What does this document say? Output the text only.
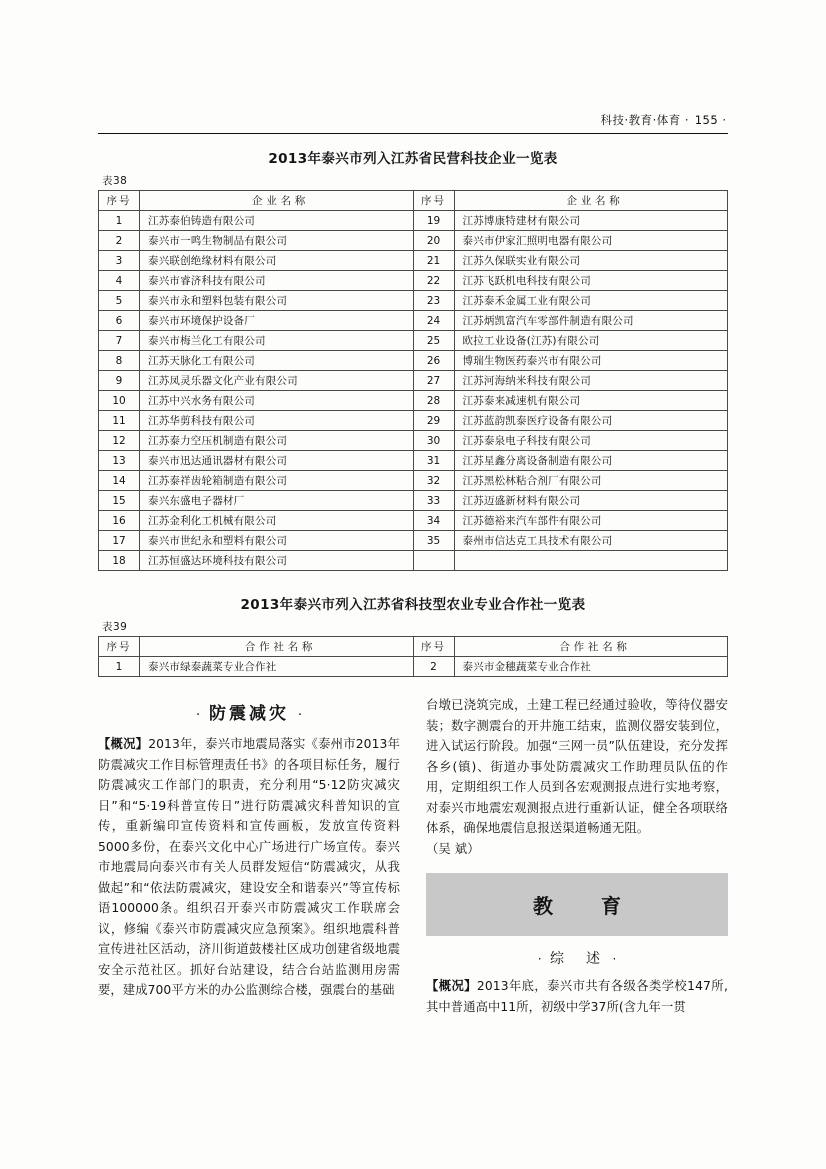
科技·教育·体育 · 155 ·
2013年泰兴市列入江苏省民营科技企业一览表
表38
序号	企 业 名 称	序号	企 业 名 称
1	江苏泰伯铸造有限公司	19	江苏博康特建材有限公司
2	泰兴市一鸣生物制品有限公司	20	泰兴市伊家汇照明电器有限公司
3	泰兴联创绝缘材料有限公司	21	江苏久保联实业有限公司
4	泰兴市睿济科技有限公司	22	江苏飞跃机电科技有限公司
5	泰兴市永和塑料包装有限公司	23	江苏泰禾金属工业有限公司
6	泰兴市环境保护设备厂	24	江苏炳凯富汽车零部件制造有限公司
7	泰兴市梅兰化工有限公司	25	欧拉工业设备(江苏)有限公司
8	江苏天脉化工有限公司	26	博瑞生物医药泰兴市有限公司
9	江苏凤灵乐器文化产业有限公司	27	江苏河海纳米科技有限公司
10	江苏中兴水务有限公司	28	江苏泰来减速机有限公司
11	江苏华剪科技有限公司	29	江苏蓝韵凯泰医疗设备有限公司
12	江苏泰力空压机制造有限公司	30	江苏泰泉电子科技有限公司
13	泰兴市迅达通讯器材有限公司	31	江苏星鑫分离设备制造有限公司
14	江苏泰祥齿轮箱制造有限公司	32	江苏黑松林粘合剂厂有限公司
15	泰兴东盛电子器材厂	33	江苏迈盛新材料有限公司
16	江苏金利化工机械有限公司	34	江苏德裕来汽车部件有限公司
17	泰兴市世纪永和塑料有限公司	35	泰州市信达克工具技术有限公司
18	江苏恒盛达环境科技有限公司		
2013年泰兴市列入江苏省科技型农业专业合作社一览表
表39
序号	合 作 社 名 称	序号	合 作 社 名 称
1	泰兴市绿泰蔬菜专业合作社	2	泰兴市金穗蔬菜专业合作社
· 防震减灾 ·

【概况】2013年，泰兴市地震局落实《泰州市2013年防震减灾工作目标管理责任书》的各项目标任务，履行防震减灾工作部门的职责，充分利用“5·12防灾减灾日”和“5·19科普宣传日”进行防震减灾科普知识的宣传，重新编印宣传资料和宣传画板，发放宣传资料5000多份，在泰兴文化中心广场进行广场宣传。泰兴市地震局向泰兴市有关人员群发短信“防震减灾，从我做起”和“依法防震减灾，建设安全和谐泰兴”等宣传标语100000条。组织召开泰兴市防震减灾工作联席会议，修编《泰兴市防震减灾应急预案》。组织地震科普宣传进社区活动，济川街道鼓楼社区成功创建省级地震安全示范社区。抓好台站建设，结合台站监测用房需要，建成700平方米的办公监测综合楼，强震台的基础

台墩已浇筑完成，土建工程已经通过验收，等待仪器安装；数字测震台的开井施工结束，监测仪器安装到位，进入试运行阶段。加强“三网一员”队伍建设，充分发挥各乡(镇)、街道办事处防震减灾工作助理员队伍的作用，定期组织工作人员到各宏观测报点进行实地考察，对泰兴市地震宏观测报点进行重新认证，健全各项联络体系，确保地震信息报送渠道畅通无阻。

（吴 斌）

教　育
· 综　述 ·

【概况】2013年底，泰兴市共有各级各类学校147所,其中普通高中11所，初级中学37所(含九年一贯
